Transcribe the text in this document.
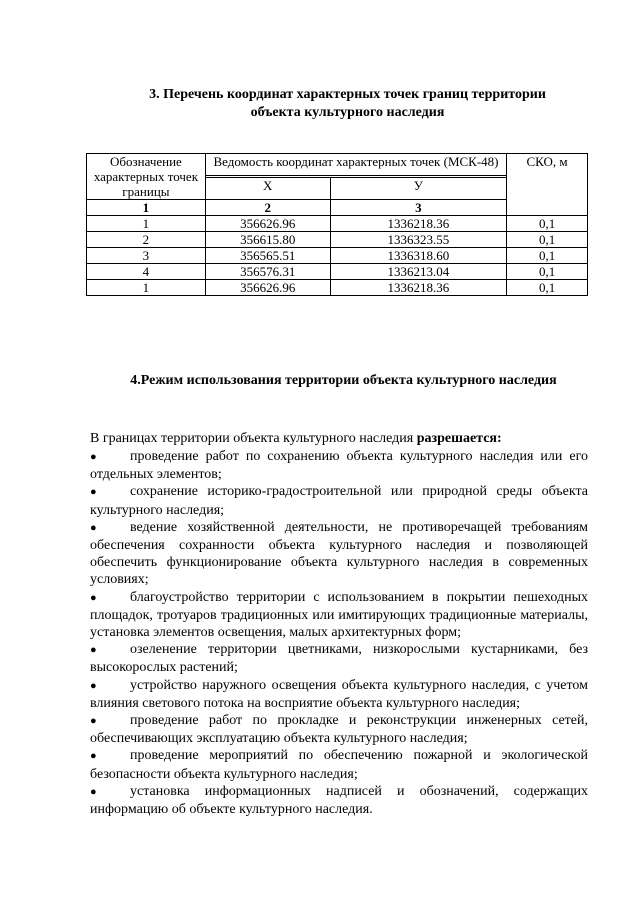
3. Перечень координат характерных точек границ территории
объекта культурного наследия
Обозначение характерных точек границы	Ведомость координат характерных точек (МСК-48)		СКО, м

	X	У	
1	2	3	
1	356626.96	1336218.36	0,1
2	356615.80	1336323.55	0,1
3	356565.51	1336318.60	0,1
4	356576.31	1336213.04	0,1
1	356626.96	1336218.36	0,1
4.Режим использования территории объекта культурного наследия
В границах территории объекта культурного наследия разрешается:
● проведение работ по сохранению объекта культурного наследия или его отдельных элементов;
● сохранение историко-градостроительной или природной среды объекта культурного наследия;
● ведение хозяйственной деятельности, не противоречащей требованиям обеспечения сохранности объекта культурного наследия и позволяющей обеспечить функционирование объекта культурного наследия в современных условиях;
● благоустройство территории с использованием в покрытии пешеходных площадок, тротуаров традиционных или имитирующих традиционные материалы, установка элементов освещения, малых архитектурных форм;
● озеленение территории цветниками, низкорослыми кустарниками, без высокорослых растений;
● устройство наружного освещения объекта культурного наследия, с учетом влияния светового потока на восприятие объекта культурного наследия;
● проведение работ по прокладке и реконструкции инженерных сетей, обеспечивающих эксплуатацию объекта культурного наследия;
● проведение мероприятий по обеспечению пожарной и экологической безопасности объекта культурного наследия;
● установка информационных надписей и обозначений, содержащих информацию об объекте культурного наследия.
